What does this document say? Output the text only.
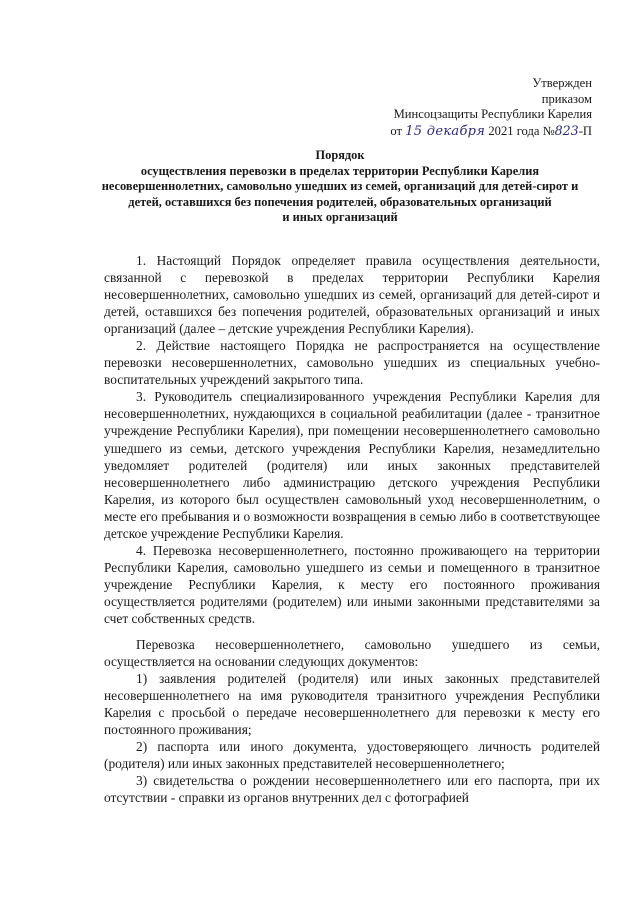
Утвержден
приказом
Минсоцзащиты Республики Карелия
от 15 декабря 2021 года №823-П
Порядок
осуществления перевозки в пределах территории Республики Карелия
несовершеннолетних, самовольно ушедших из семей, организаций для детей-сирот и
детей, оставшихся без попечения родителей, образовательных организаций
и иных организаций

1. Настоящий Порядок определяет правила осуществления деятельности, связанной с перевозкой в пределах территории Республики Карелия несовершеннолетних, самовольно ушедших из семей, организаций для детей-сирот и детей, оставшихся без попечения родителей, образовательных организаций и иных организаций (далее – детские учреждения Республики Карелия).

2. Действие настоящего Порядка не распространяется на осуществление перевозки несовершеннолетних, самовольно ушедших из специальных учебно-воспитательных учреждений закрытого типа.

3. Руководитель специализированного учреждения Республики Карелия для несовершеннолетних, нуждающихся в социальной реабилитации (далее - транзитное учреждение Республики Карелия), при помещении несовершеннолетнего самовольно ушедшего из семьи, детского учреждения Республики Карелия, незамедлительно уведомляет родителей (родителя) или иных законных представителей несовершеннолетнего либо администрацию детского учреждения Республики Карелия, из которого был осуществлен самовольный уход несовершеннолетним, о месте его пребывания и о возможности возвращения в семью либо в соответствующее детское учреждение Республики Карелия.

4. Перевозка несовершеннолетнего, постоянно проживающего на территории Республики Карелия, самовольно ушедшего из семьи и помещенного в транзитное учреждение Республики Карелия, к месту его постоянного проживания осуществляется родителями (родителем) или иными законными представителями за счет собственных средств.

Перевозка несовершеннолетнего, самовольно ушедшего из семьи, осуществляется на основании следующих документов:

1) заявления родителей (родителя) или иных законных представителей несовершеннолетнего на имя руководителя транзитного учреждения Республики Карелия с просьбой о передаче несовершеннолетнего для перевозки к месту его постоянного проживания;

2) паспорта или иного документа, удостоверяющего личность родителей (родителя) или иных законных представителей несовершеннолетнего;

3) свидетельства о рождении несовершеннолетнего или его паспорта, при их отсутствии - справки из органов внутренних дел с фотографией
